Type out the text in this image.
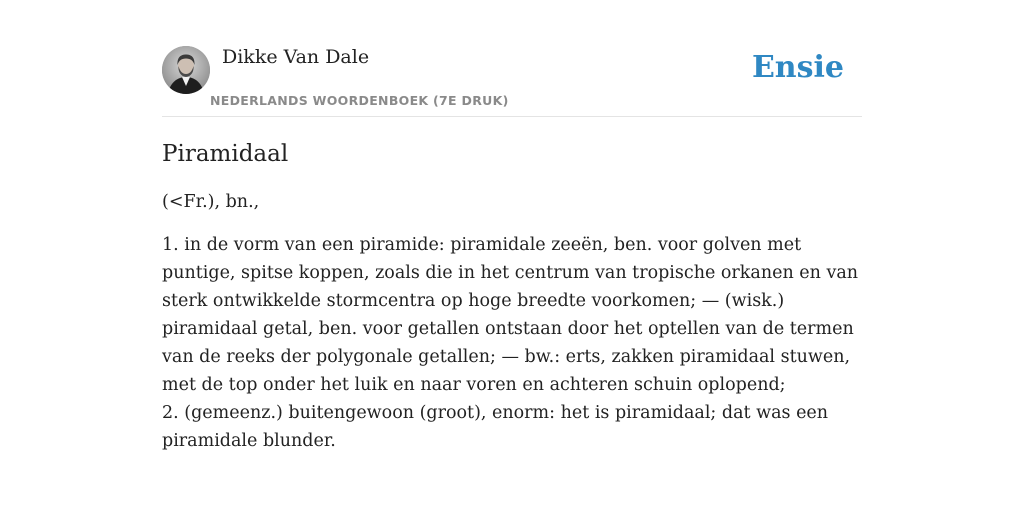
Dikke Van Dale
NEDERLANDS WOORDENBOEK (7E DRUK)
Ensie
Piramidaal

(<Fr.), bn.,

1. in de vorm van een piramide: piramidale zeeën, ben. voor golven met puntige, spitse koppen, zoals die in het centrum van tropische orkanen en van sterk ontwikkelde stormcentra op hoge breedte voorkomen; — (wisk.) piramidaal getal, ben. voor getallen ontstaan door het optellen van de termen van de reeks der polygonale getallen; — bw.: erts, zakken piramidaal stuwen, met de top onder het luik en naar voren en achteren schuin oplopend;
2. (gemeenz.) buitengewoon (groot), enorm: het is piramidaal; dat was een piramidale blunder.
